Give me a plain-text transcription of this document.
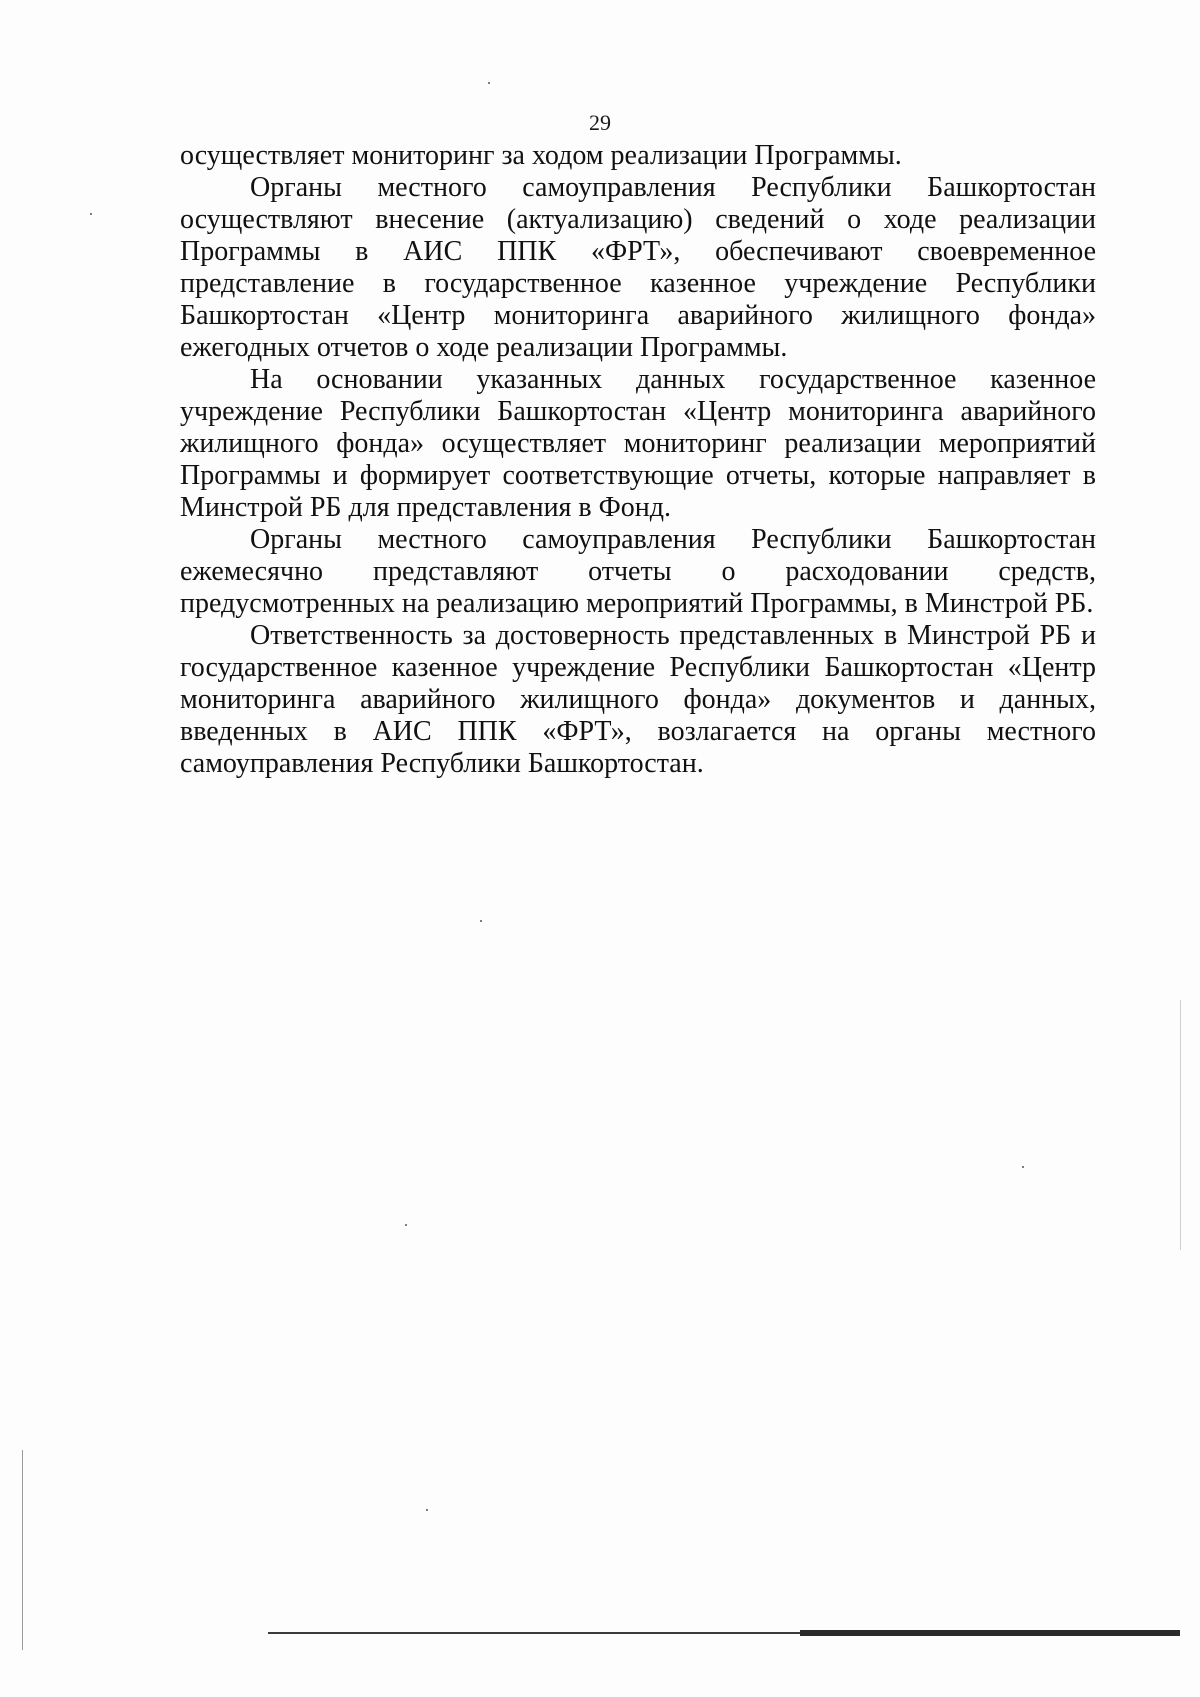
29

осуществляет мониторинг за ходом реализации Программы.

Органы местного самоуправления Республики Башкортостан осуществляют внесение (актуализацию) сведений о ходе реализации Программы в АИС ППК «ФРТ», обеспечивают своевременное представление в государственное казенное учреждение Республики Башкортостан «Центр мониторинга аварийного жилищного фонда» ежегодных отчетов о ходе реализации Программы.

На основании указанных данных государственное казенное учреждение Республики Башкортостан «Центр мониторинга аварийного жилищного фонда» осуществляет мониторинг реализации мероприятий Программы и формирует соответствующие отчеты, которые направляет в Минстрой РБ для представления в Фонд.

Органы местного самоуправления Республики Башкортостан ежемесячно представляют отчеты о расходовании средств, предусмотренных на реализацию мероприятий Программы, в Минстрой РБ.

Ответственность за достоверность представленных в Минстрой РБ и государственное казенное учреждение Республики Башкортостан «Центр мониторинга аварийного жилищного фонда» документов и данных, введенных в АИС ППК «ФРТ», возлагается на органы местного самоуправления Республики Башкортостан.
